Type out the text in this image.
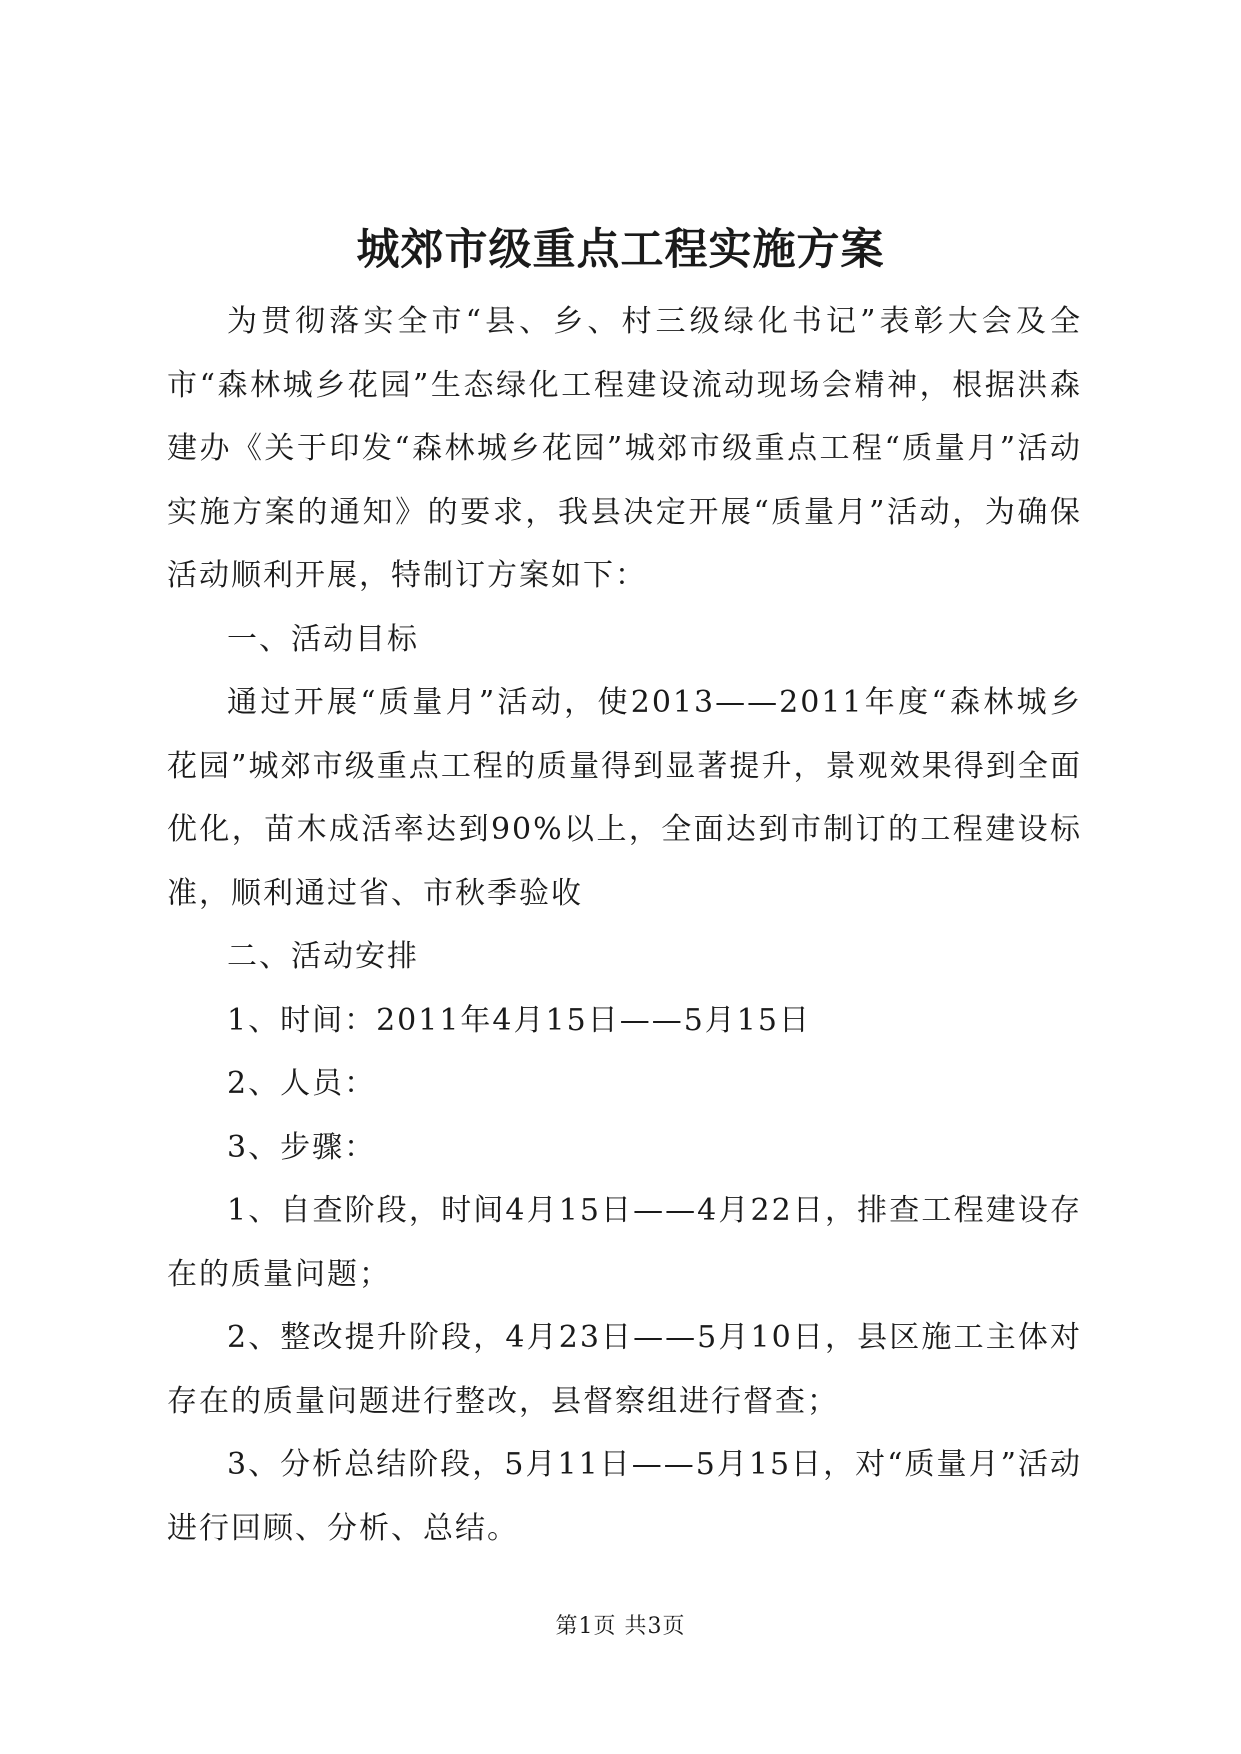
城郊市级重点工程实施方案

为贯彻落实全市“县、乡、村三级绿化书记”表彰大会及全市“森林城乡花园”生态绿化工程建设流动现场会精神，根据洪森建办《关于印发“森林城乡花园”城郊市级重点工程“质量月”活动实施方案的通知》的要求，我县决定开展“质量月”活动，为确保活动顺利开展，特制订方案如下：

一、活动目标

通过开展“质量月”活动，使2013——2011年度“森林城乡花园”城郊市级重点工程的质量得到显著提升，景观效果得到全面优化，苗木成活率达到90%以上，全面达到市制订的工程建设标准，顺利通过省、市秋季验收

二、活动安排

1、时间：2011年4月15日——5月15日

2、人员：

3、步骤：

1、自查阶段，时间4月15日——4月22日，排查工程建设存在的质量问题；

2、整改提升阶段，4月23日——5月10日，县区施工主体对存在的质量问题进行整改，县督察组进行督查；

3、分析总结阶段，5月11日——5月15日，对“质量月”活动进行回顾、分析、总结。

第1页 共3页
